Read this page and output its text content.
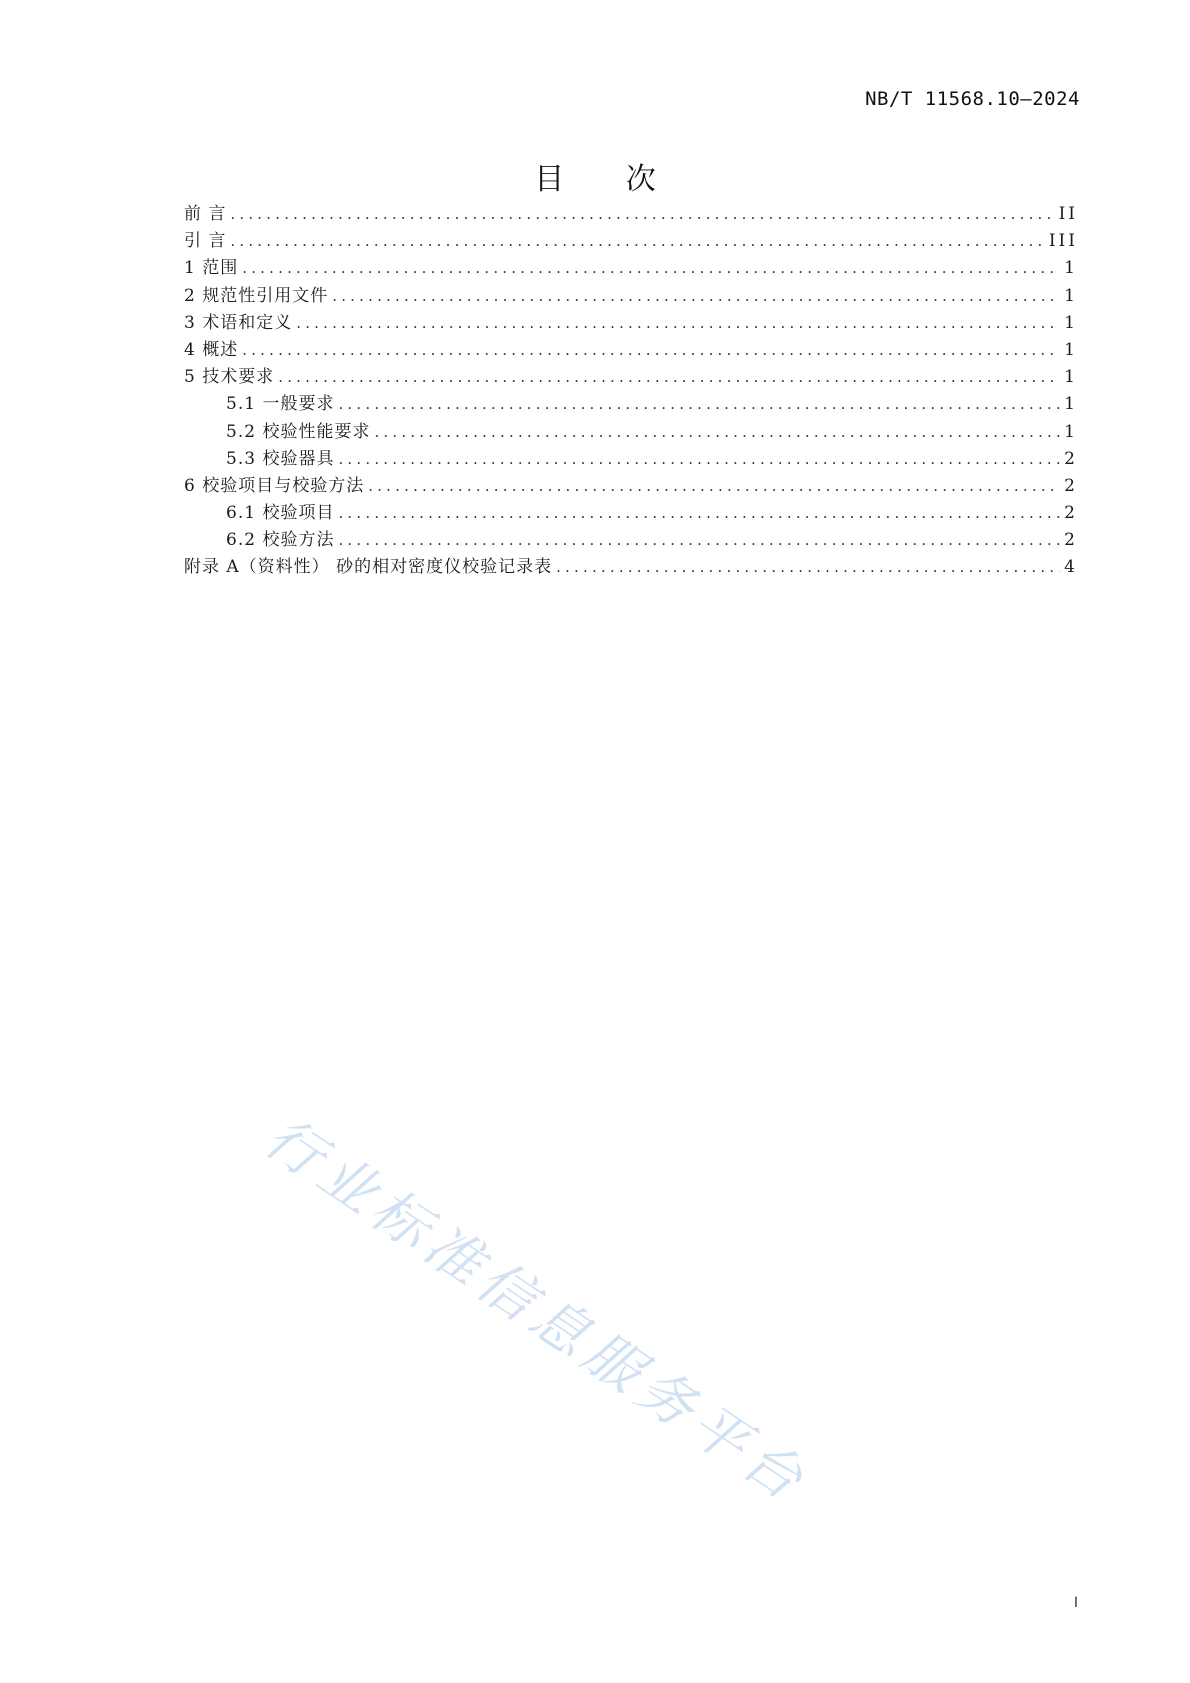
NB/T 11568.10—2024
目 次
前 言 .....	II
引 言 .....	III
1 范围 .....	1
2 规范性引用文件 .....	1
3 术语和定义 .....	1
4 概述 .....	1
5 技术要求 .....	1
5.1 一般要求 .....	1
5.2 校验性能要求 .....	1
5.3 校验器具 .....	2
6 校验项目与校验方法 .....	2
6.1 校验项目 .....	2
6.2 校验方法 .....	2
附录 A（资料性） 砂的相对密度仪校验记录表 .....	4
行业标准信息服务平台
I
